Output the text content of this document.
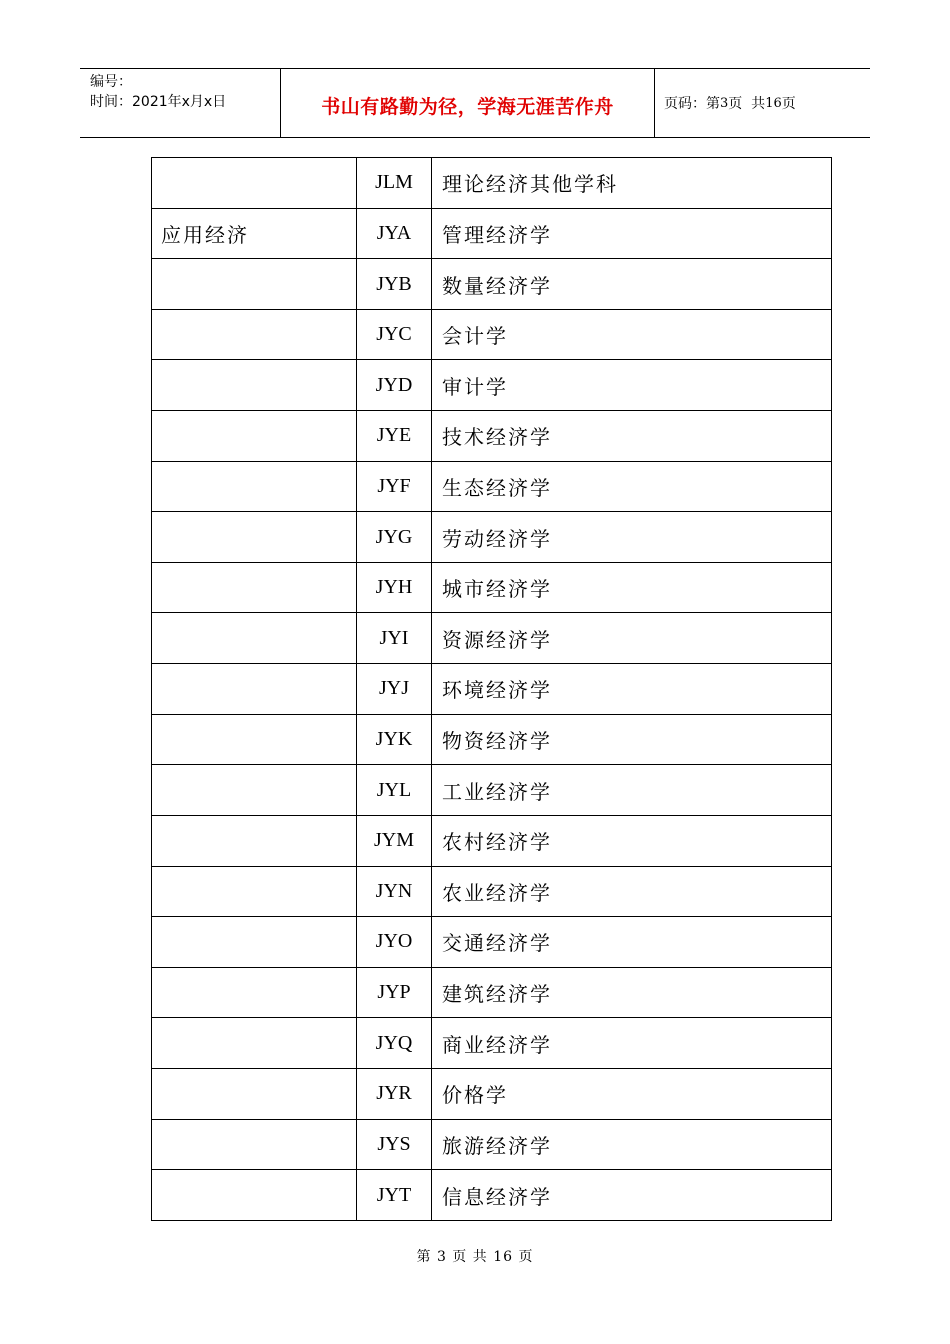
编号：
时间：2021年x月x日	书山有路勤为径，学海无涯苦作舟	页码：第 3 页  共 16 页
	JLM	理论经济其他学科
应用经济	JYA	管理经济学
	JYB	数量经济学
	JYC	会计学
	JYD	审计学
	JYE	技术经济学
	JYF	生态经济学
	JYG	劳动经济学
	JYH	城市经济学
	JYI	资源经济学
	JYJ	环境经济学
	JYK	物资经济学
	JYL	工业经济学
	JYM	农村经济学
	JYN	农业经济学
	JYO	交通经济学
	JYP	建筑经济学
	JYQ	商业经济学
	JYR	价格学
	JYS	旅游经济学
	JYT	信息经济学
第 3 页 共 16 页
